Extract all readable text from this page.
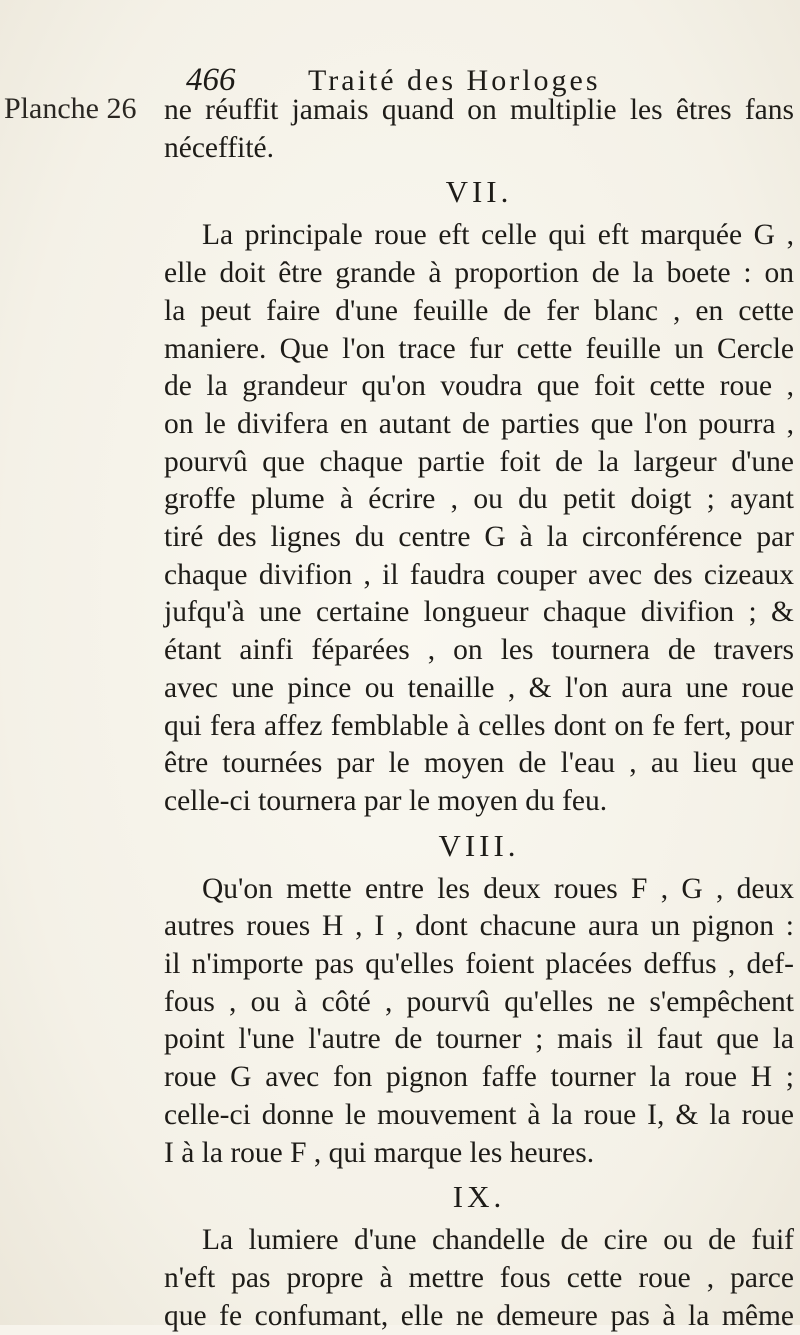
Planche 26
466 Traité des Horloges
ne réuffit jamais quand on multiplie les êtres fans
néceffité.
VII.
La principale roue eft celle qui eft marquée G ,
elle doit être grande à proportion de la boete : on
la peut faire d'une feuille de fer blanc , en cette
maniere. Que l'on trace fur cette feuille un Cercle
de la grandeur qu'on voudra que foit cette roue ,
on le divifera en autant de parties que l'on pourra ,
pourvû que chaque partie foit de la largeur d'une
groffe plume à écrire , ou du petit doigt ; ayant
tiré des lignes du centre G à la circonférence par
chaque divifion , il faudra couper avec des cizeaux
jufqu'à une certaine longueur chaque divifion ; &
étant ainfi féparées , on les tournera de travers
avec une pince ou tenaille , & l'on aura une roue
qui fera affez femblable à celles dont on fe fert, pour
être tournées par le moyen de l'eau , au lieu que
celle-ci tournera par le moyen du feu.
VIII.
Qu'on mette entre les deux roues F , G , deux
autres roues H , I , dont chacune aura un pignon :
il n'importe pas qu'elles foient placées deffus , def-
fous , ou à côté , pourvû qu'elles ne s'empêchent
point l'une l'autre de tourner ; mais il faut que la
roue G avec fon pignon faffe tourner la roue H ;
celle-ci donne le mouvement à la roue I, & la roue
I à la roue F , qui marque les heures.
IX.
La lumiere d'une chandelle de cire ou de fuif
n'eft pas propre à mettre fous cette roue , parce
que fe confumant, elle ne demeure pas à la même
